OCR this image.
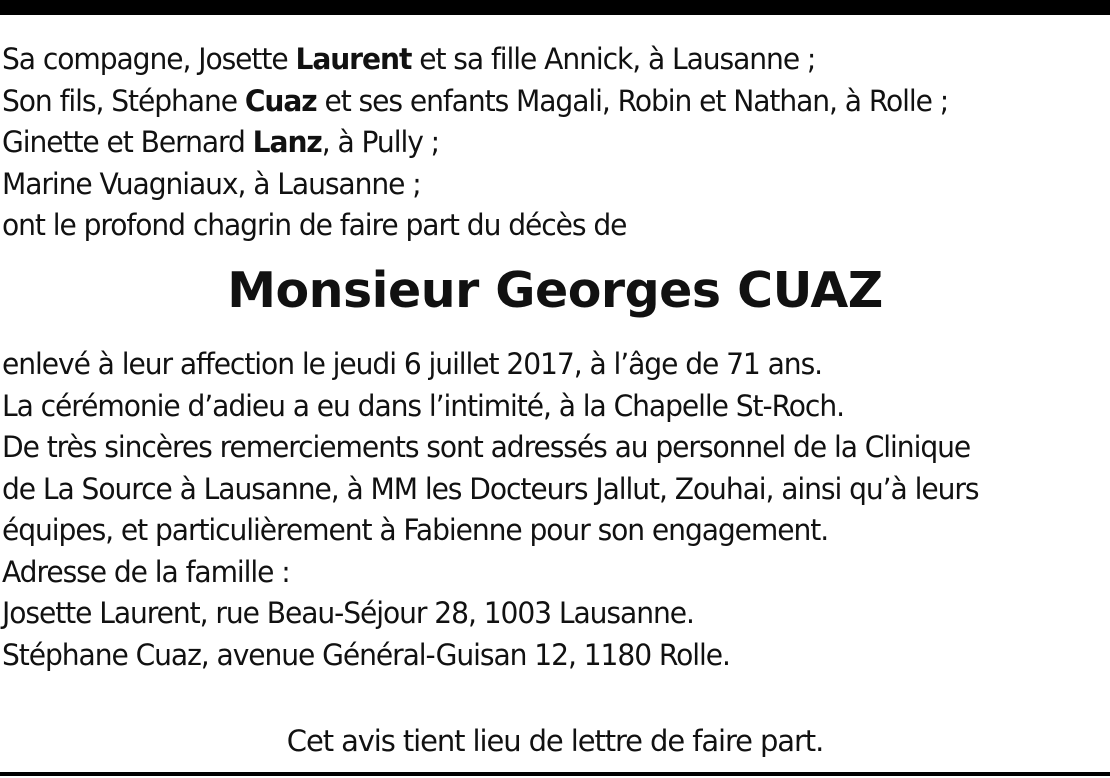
Sa compagne, Josette Laurent et sa fille Annick, à Lausanne ;
Son fils, Stéphane Cuaz et ses enfants Magali, Robin et Nathan, à Rolle ;
Ginette et Bernard Lanz, à Pully ;
Marine Vuagniaux, à Lausanne ;
ont le profond chagrin de faire part du décès de
Monsieur Georges CUAZ
enlevé à leur affection le jeudi 6 juillet 2017, à l’âge de 71 ans.
La cérémonie d’adieu a eu dans l’intimité, à la Chapelle St-Roch.
De très sincères remerciements sont adressés au personnel de la Clinique
de La Source à Lausanne, à MM les Docteurs Jallut, Zouhai, ainsi qu’à leurs
équipes, et particulièrement à Fabienne pour son engagement.
Adresse de la famille :
Josette Laurent, rue Beau-Séjour 28, 1003 Lausanne.
Stéphane Cuaz, avenue Général-Guisan 12, 1180 Rolle.
Cet avis tient lieu de lettre de faire part.
